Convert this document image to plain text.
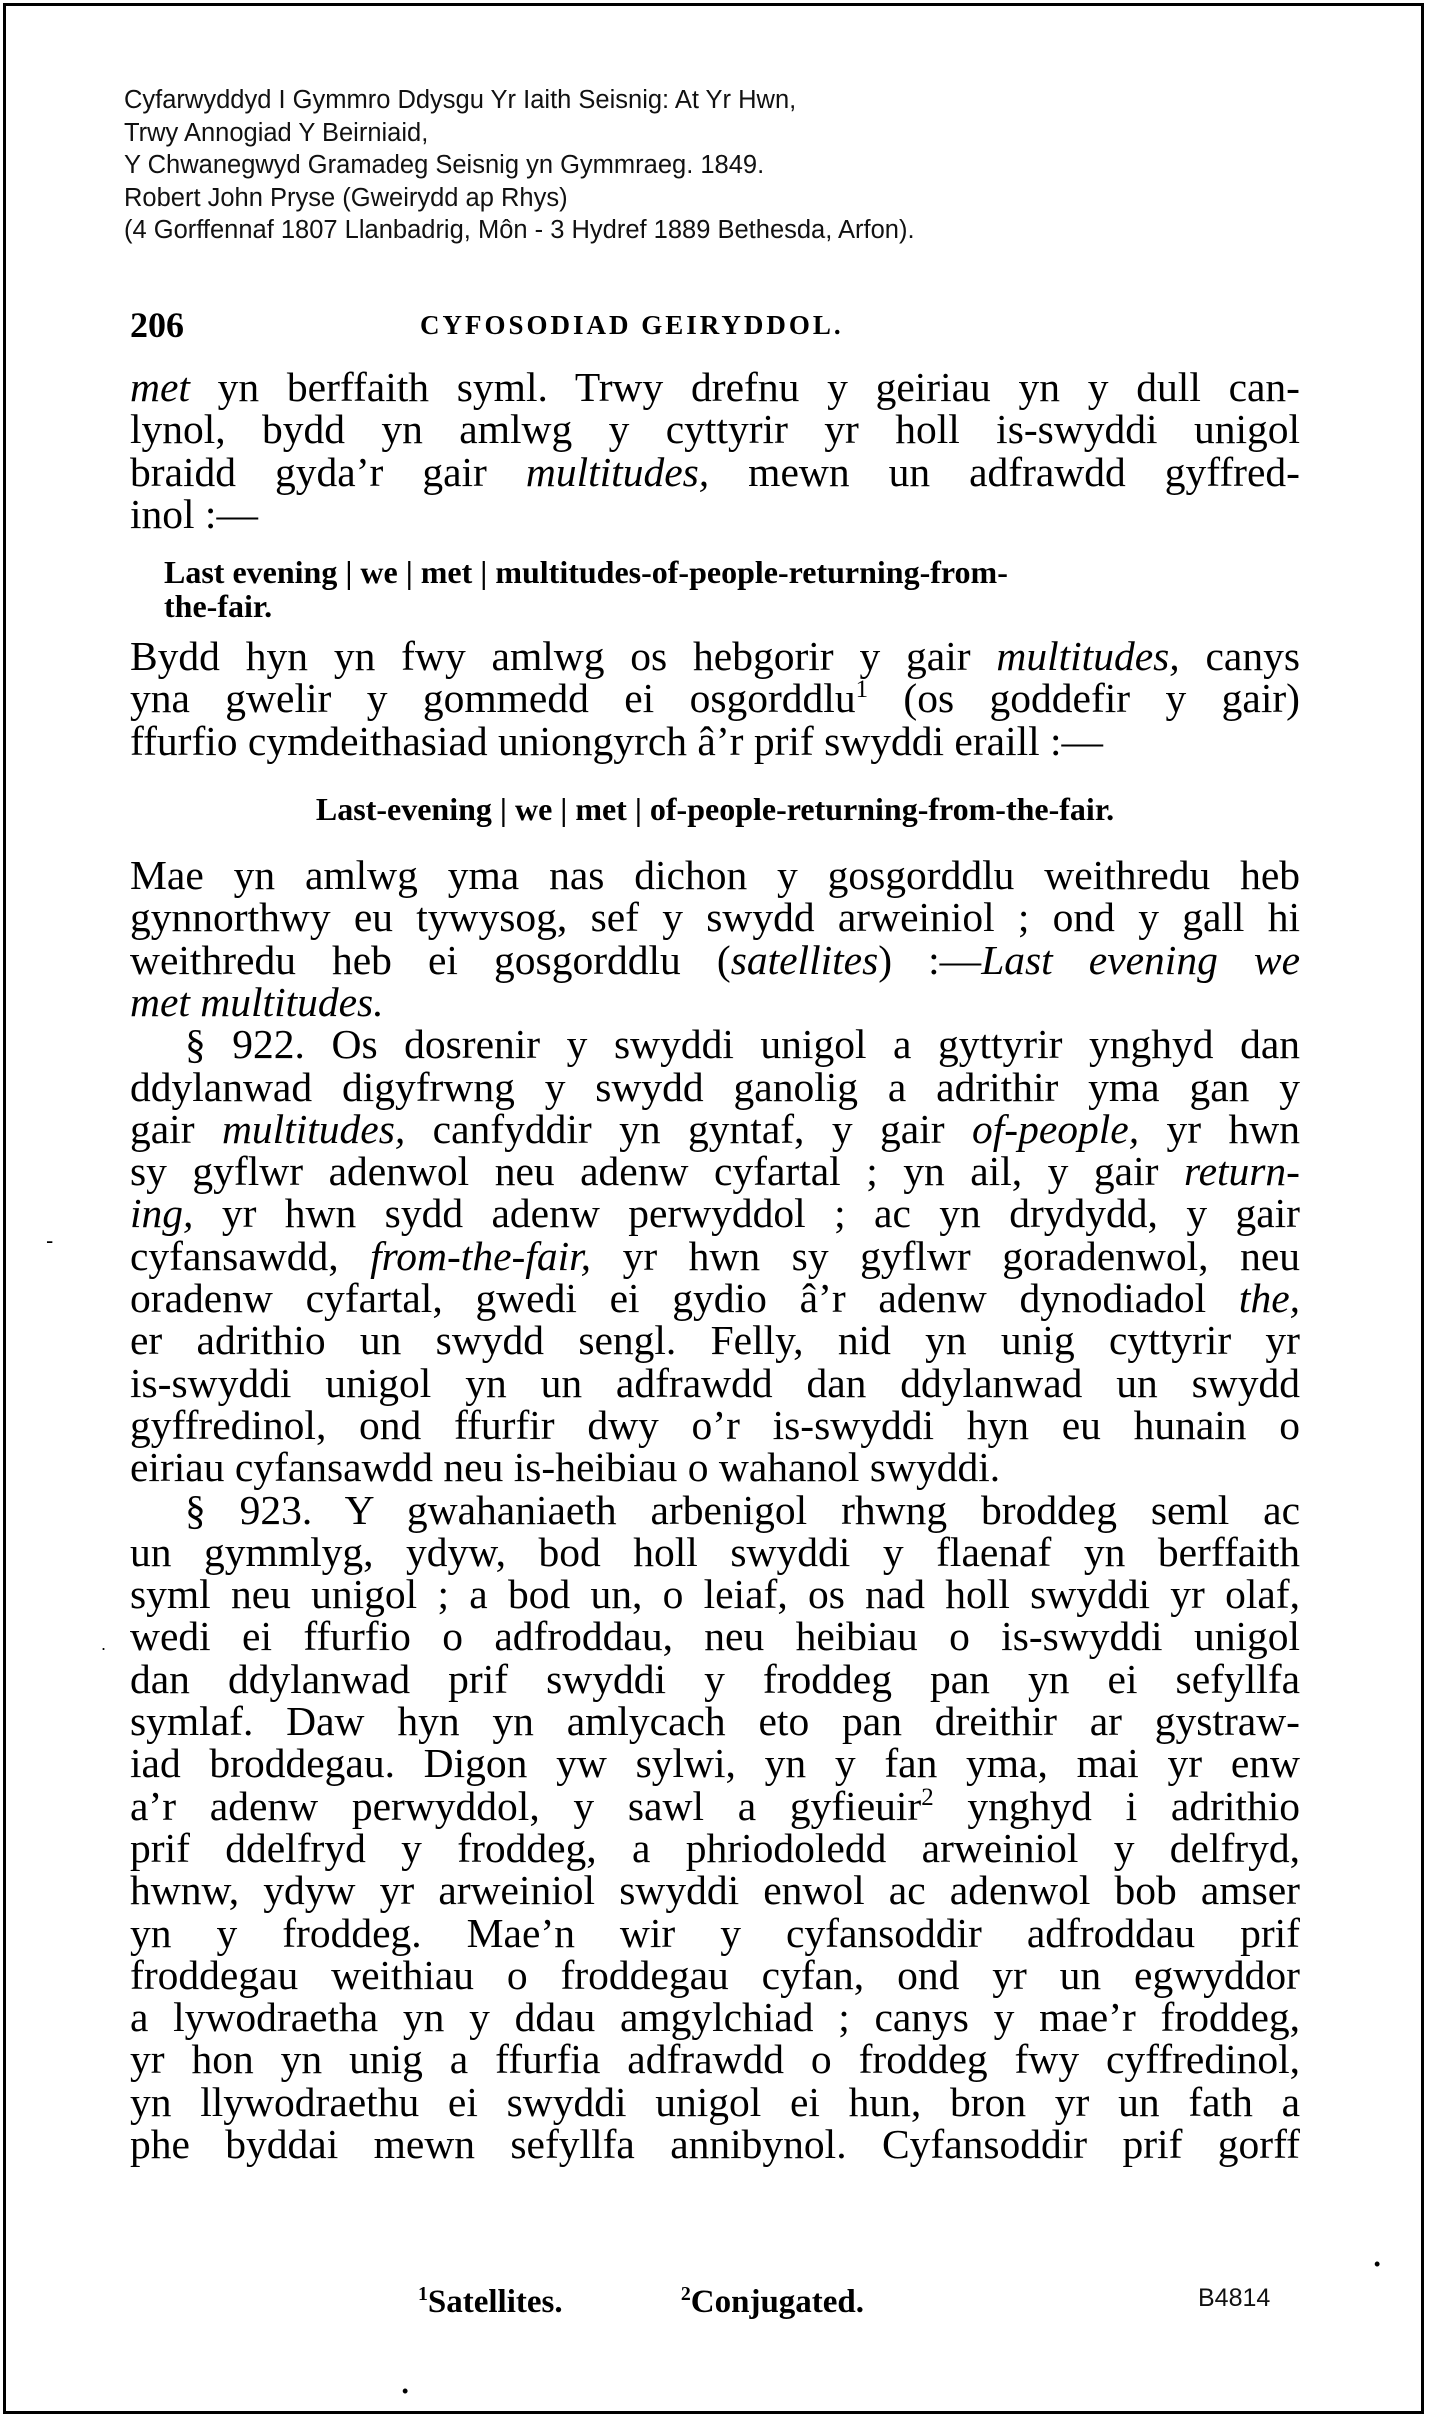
Cyfarwyddyd I Gymmro Ddysgu Yr Iaith Seisnig: At Yr Hwn,
Trwy Annogiad Y Beirniaid,
Y Chwanegwyd Gramadeg Seisnig yn Gymmraeg. 1849.
Robert John Pryse (Gweirydd ap Rhys)
(4 Gorffennaf 1807 Llanbadrig, Môn - 3 Hydref 1889 Bethesda, Arfon).
206	CYFOSODIAD GEIRYDDOL.
met yn berffaith syml. Trwy drefnu y geiriau yn y dull can-
lynol, bydd yn amlwg y cyttyrir yr holl is-swyddi unigol
braidd gyda’r gair multitudes, mewn un adfrawdd gyffred-
inol :—
Last evening | we | met | multitudes-of-people-returning-from-
the-fair.
Bydd hyn yn fwy amlwg os hebgorir y gair multitudes, canys
yna gwelir y gommedd ei osgorddlu$^1$ (os goddefir y gair)
ffurfio cymdeithasiad uniongyrch â’r prif swyddi eraill :—
Last-evening | we | met | of-people-returning-from-the-fair.
Mae yn amlwg yma nas dichon y gosgorddlu weithredu heb
gynnorthwy eu tywysog, sef y swydd arweiniol ; ond y gall hi
weithredu heb ei gosgorddlu (satellites) :—Last evening we
met multitudes.
§ 922. Os dosrenir y swyddi unigol a gyttyrir ynghyd dan
ddylanwad digyfrwng y swydd ganolig a adrithir yma gan y
gair multitudes, canfyddir yn gyntaf, y gair of-people, yr hwn
sy gyflwr adenwol neu adenw cyfartal ; yn ail, y gair return-
ing, yr hwn sydd adenw perwyddol ; ac yn drydydd, y gair
cyfansawdd, from-the-fair, yr hwn sy gyflwr goradenwol, neu
oradenw cyfartal, gwedi ei gydio â’r adenw dynodiadol the,
er adrithio un swydd sengl. Felly, nid yn unig cyttyrir yr
is-swyddi unigol yn un adfrawdd dan ddylanwad un swydd
gyffredinol, ond ffurfir dwy o’r is-swyddi hyn eu hunain o
eiriau cyfansawdd neu is-heibiau o wahanol swyddi.
§ 923. Y gwahaniaeth arbenigol rhwng broddeg seml ac
un gymmlyg, ydyw, bod holl swyddi y flaenaf yn berffaith
syml neu unigol ; a bod un, o leiaf, os nad holl swyddi yr olaf,
wedi ei ffurfio o adfroddau, neu heibiau o is-swyddi unigol
dan ddylanwad prif swyddi y froddeg pan yn ei sefyllfa
symlaf. Daw hyn yn amlycach eto pan dreithir ar gystraw-
iad broddegau. Digon yw sylwi, yn y fan yma, mai yr enw
a’r adenw perwyddol, y sawl a gyfieuir$^2$ ynghyd i adrithio
prif ddelfryd y froddeg, a phriodoledd arweiniol y delfryd,
hwnw, ydyw yr arweiniol swyddi enwol ac adenwol bob amser
yn y froddeg. Mae’n wir y cyfansoddir adfroddau prif
froddegau weithiau o froddegau cyfan, ond yr un egwyddor
a lywodraetha yn y ddau amgylchiad ; canys y mae’r froddeg,
yr hon yn unig a ffurfia adfrawdd o froddeg fwy cyffredinol,
yn llywodraethu ei swyddi unigol ei hun, bron yr un fath a
phe byddai mewn sefyllfa annibynol. Cyfansoddir prif gorff
$^1$Satellites.	$^2$Conjugated.	B4814
-
.
•
•
